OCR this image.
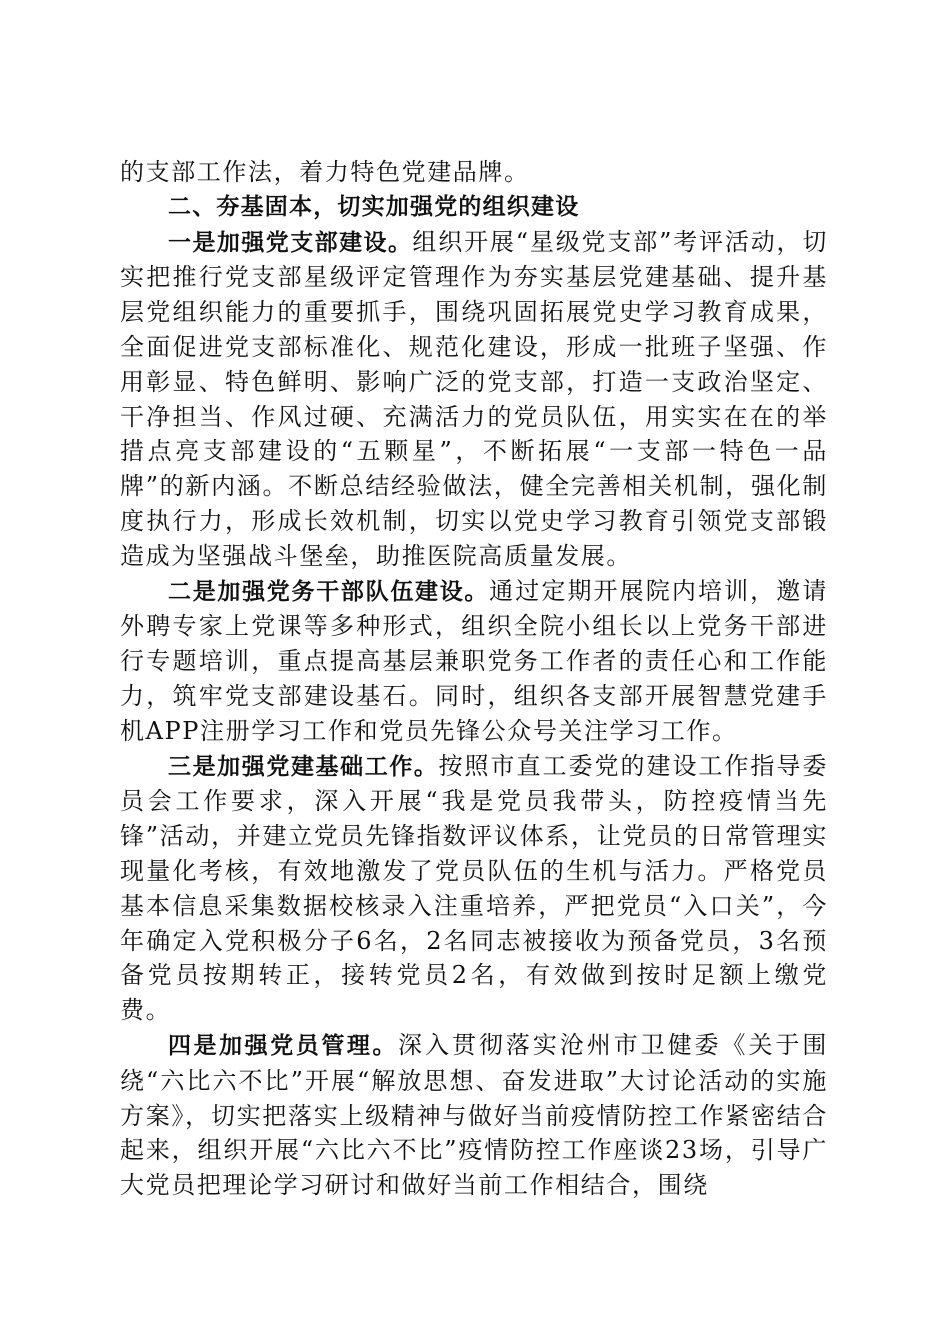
的支部工作法，着力特色党建品牌。

二、夯基固本，切实加强党的组织建设

一是加强党支部建设。组织开展“星级党支部”考评活动，切实把推行党支部星级评定管理作为夯实基层党建基础、提升基层党组织能力的重要抓手，围绕巩固拓展党史学习教育成果，全面促进党支部标准化、规范化建设，形成一批班子坚强、作用彰显、特色鲜明、影响广泛的党支部，打造一支政治坚定、干净担当、作风过硬、充满活力的党员队伍，用实实在在的举措点亮支部建设的“五颗星”，不断拓展“一支部一特色一品牌”的新内涵。不断总结经验做法，健全完善相关机制，强化制度执行力，形成长效机制，切实以党史学习教育引领党支部锻造成为坚强战斗堡垒，助推医院高质量发展。

二是加强党务干部队伍建设。通过定期开展院内培训，邀请外聘专家上党课等多种形式，组织全院小组长以上党务干部进行专题培训，重点提高基层兼职党务工作者的责任心和工作能力，筑牢党支部建设基石。同时，组织各支部开展智慧党建手机APP注册学习工作和党员先锋公众号关注学习工作。

三是加强党建基础工作。按照市直工委党的建设工作指导委员会工作要求，深入开展“我是党员我带头，防控疫情当先锋”活动，并建立党员先锋指数评议体系，让党员的日常管理实现量化考核，有效地激发了党员队伍的生机与活力。严格党员基本信息采集数据校核录入注重培养，严把党员“入口关”，今年确定入党积极分子6名，2名同志被接收为预备党员，3名预备党员按期转正，接转党员2名，有效做到按时足额上缴党费。

四是加强党员管理。深入贯彻落实沧州市卫健委《关于围绕“六比六不比”开展“解放思想、奋发进取”大讨论活动的实施方案》，切实把落实上级精神与做好当前疫情防控工作紧密结合起来，组织开展“六比六不比”疫情防控工作座谈23场，引导广大党员把理论学习研讨和做好当前工作相结合，围绕
